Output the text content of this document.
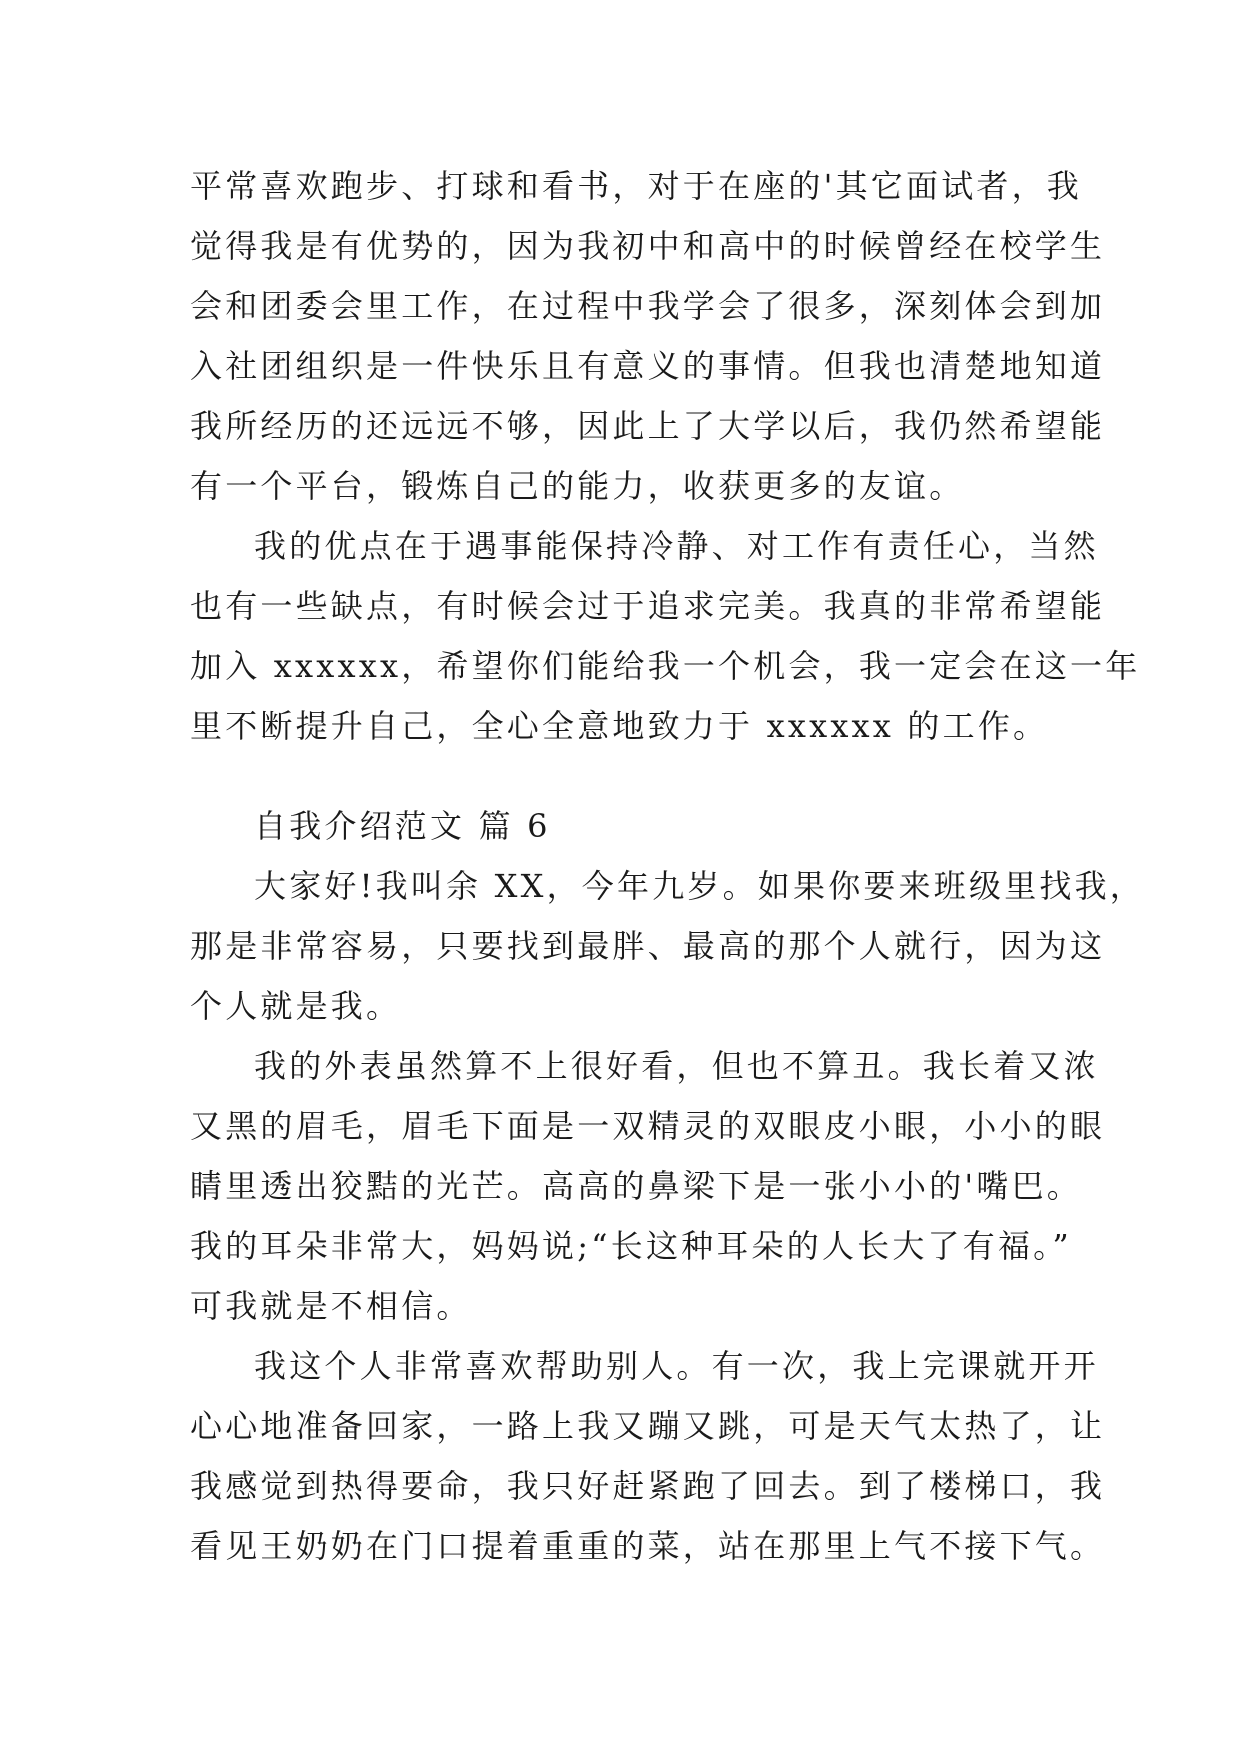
平常喜欢跑步、打球和看书，对于在座的'其它面试者，我
觉得我是有优势的，因为我初中和高中的时候曾经在校学生
会和团委会里工作，在过程中我学会了很多，深刻体会到加
入社团组织是一件快乐且有意义的事情。但我也清楚地知道
我所经历的还远远不够，因此上了大学以后，我仍然希望能
有一个平台，锻炼自己的能力，收获更多的友谊。
我的优点在于遇事能保持冷静、对工作有责任心，当然
也有一些缺点，有时候会过于追求完美。我真的非常希望能
加入 xxxxxx，希望你们能给我一个机会，我一定会在这一年
里不断提升自己，全心全意地致力于 xxxxxx 的工作。
自我介绍范文 篇 6
大家好!我叫余 XX，今年九岁。如果你要来班级里找我，
那是非常容易，只要找到最胖、最高的那个人就行，因为这
个人就是我。
我的外表虽然算不上很好看，但也不算丑。我长着又浓
又黑的眉毛，眉毛下面是一双精灵的双眼皮小眼，小小的眼
睛里透出狡黠的光芒。高高的鼻梁下是一张小小的'嘴巴。
我的耳朵非常大，妈妈说;“长这种耳朵的人长大了有福。”
可我就是不相信。
我这个人非常喜欢帮助别人。有一次，我上完课就开开
心心地准备回家，一路上我又蹦又跳，可是天气太热了，让
我感觉到热得要命，我只好赶紧跑了回去。到了楼梯口，我
看见王奶奶在门口提着重重的菜，站在那里上气不接下气。
